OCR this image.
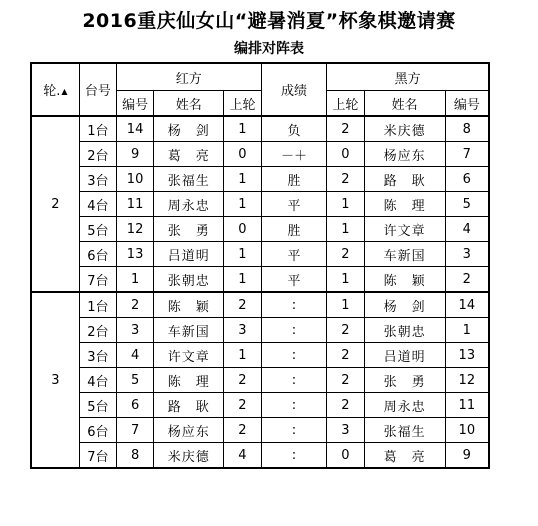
2016重庆仙女山“避暑消夏”杯象棋邀请赛
编排对阵表
轮.▲	台号	红方			成绩	黑方		
		编号	姓名	上轮		上轮	姓名	编号
2	1台	14	杨　剑	1	负	2	米庆德	8
	2台	9	葛　亮	0	－＋	0	杨应东	7
	3台	10	张福生	1	胜	2	路　耿	6
	4台	11	周永忠	1	平	1	陈　理	5
	5台	12	张　勇	0	胜	1	许文章	4
	6台	13	吕道明	1	平	2	车新国	3
	7台	1	张朝忠	1	平	1	陈　颖	2
3	1台	2	陈　颖	2	:	1	杨　剑	14
	2台	3	车新国	3	:	2	张朝忠	1
	3台	4	许文章	1	:	2	吕道明	13
	4台	5	陈　理	2	:	2	张　勇	12
	5台	6	路　耿	2	:	2	周永忠	11
	6台	7	杨应东	2	:	3	张福生	10
	7台	8	米庆德	4	:	0	葛　亮	9
